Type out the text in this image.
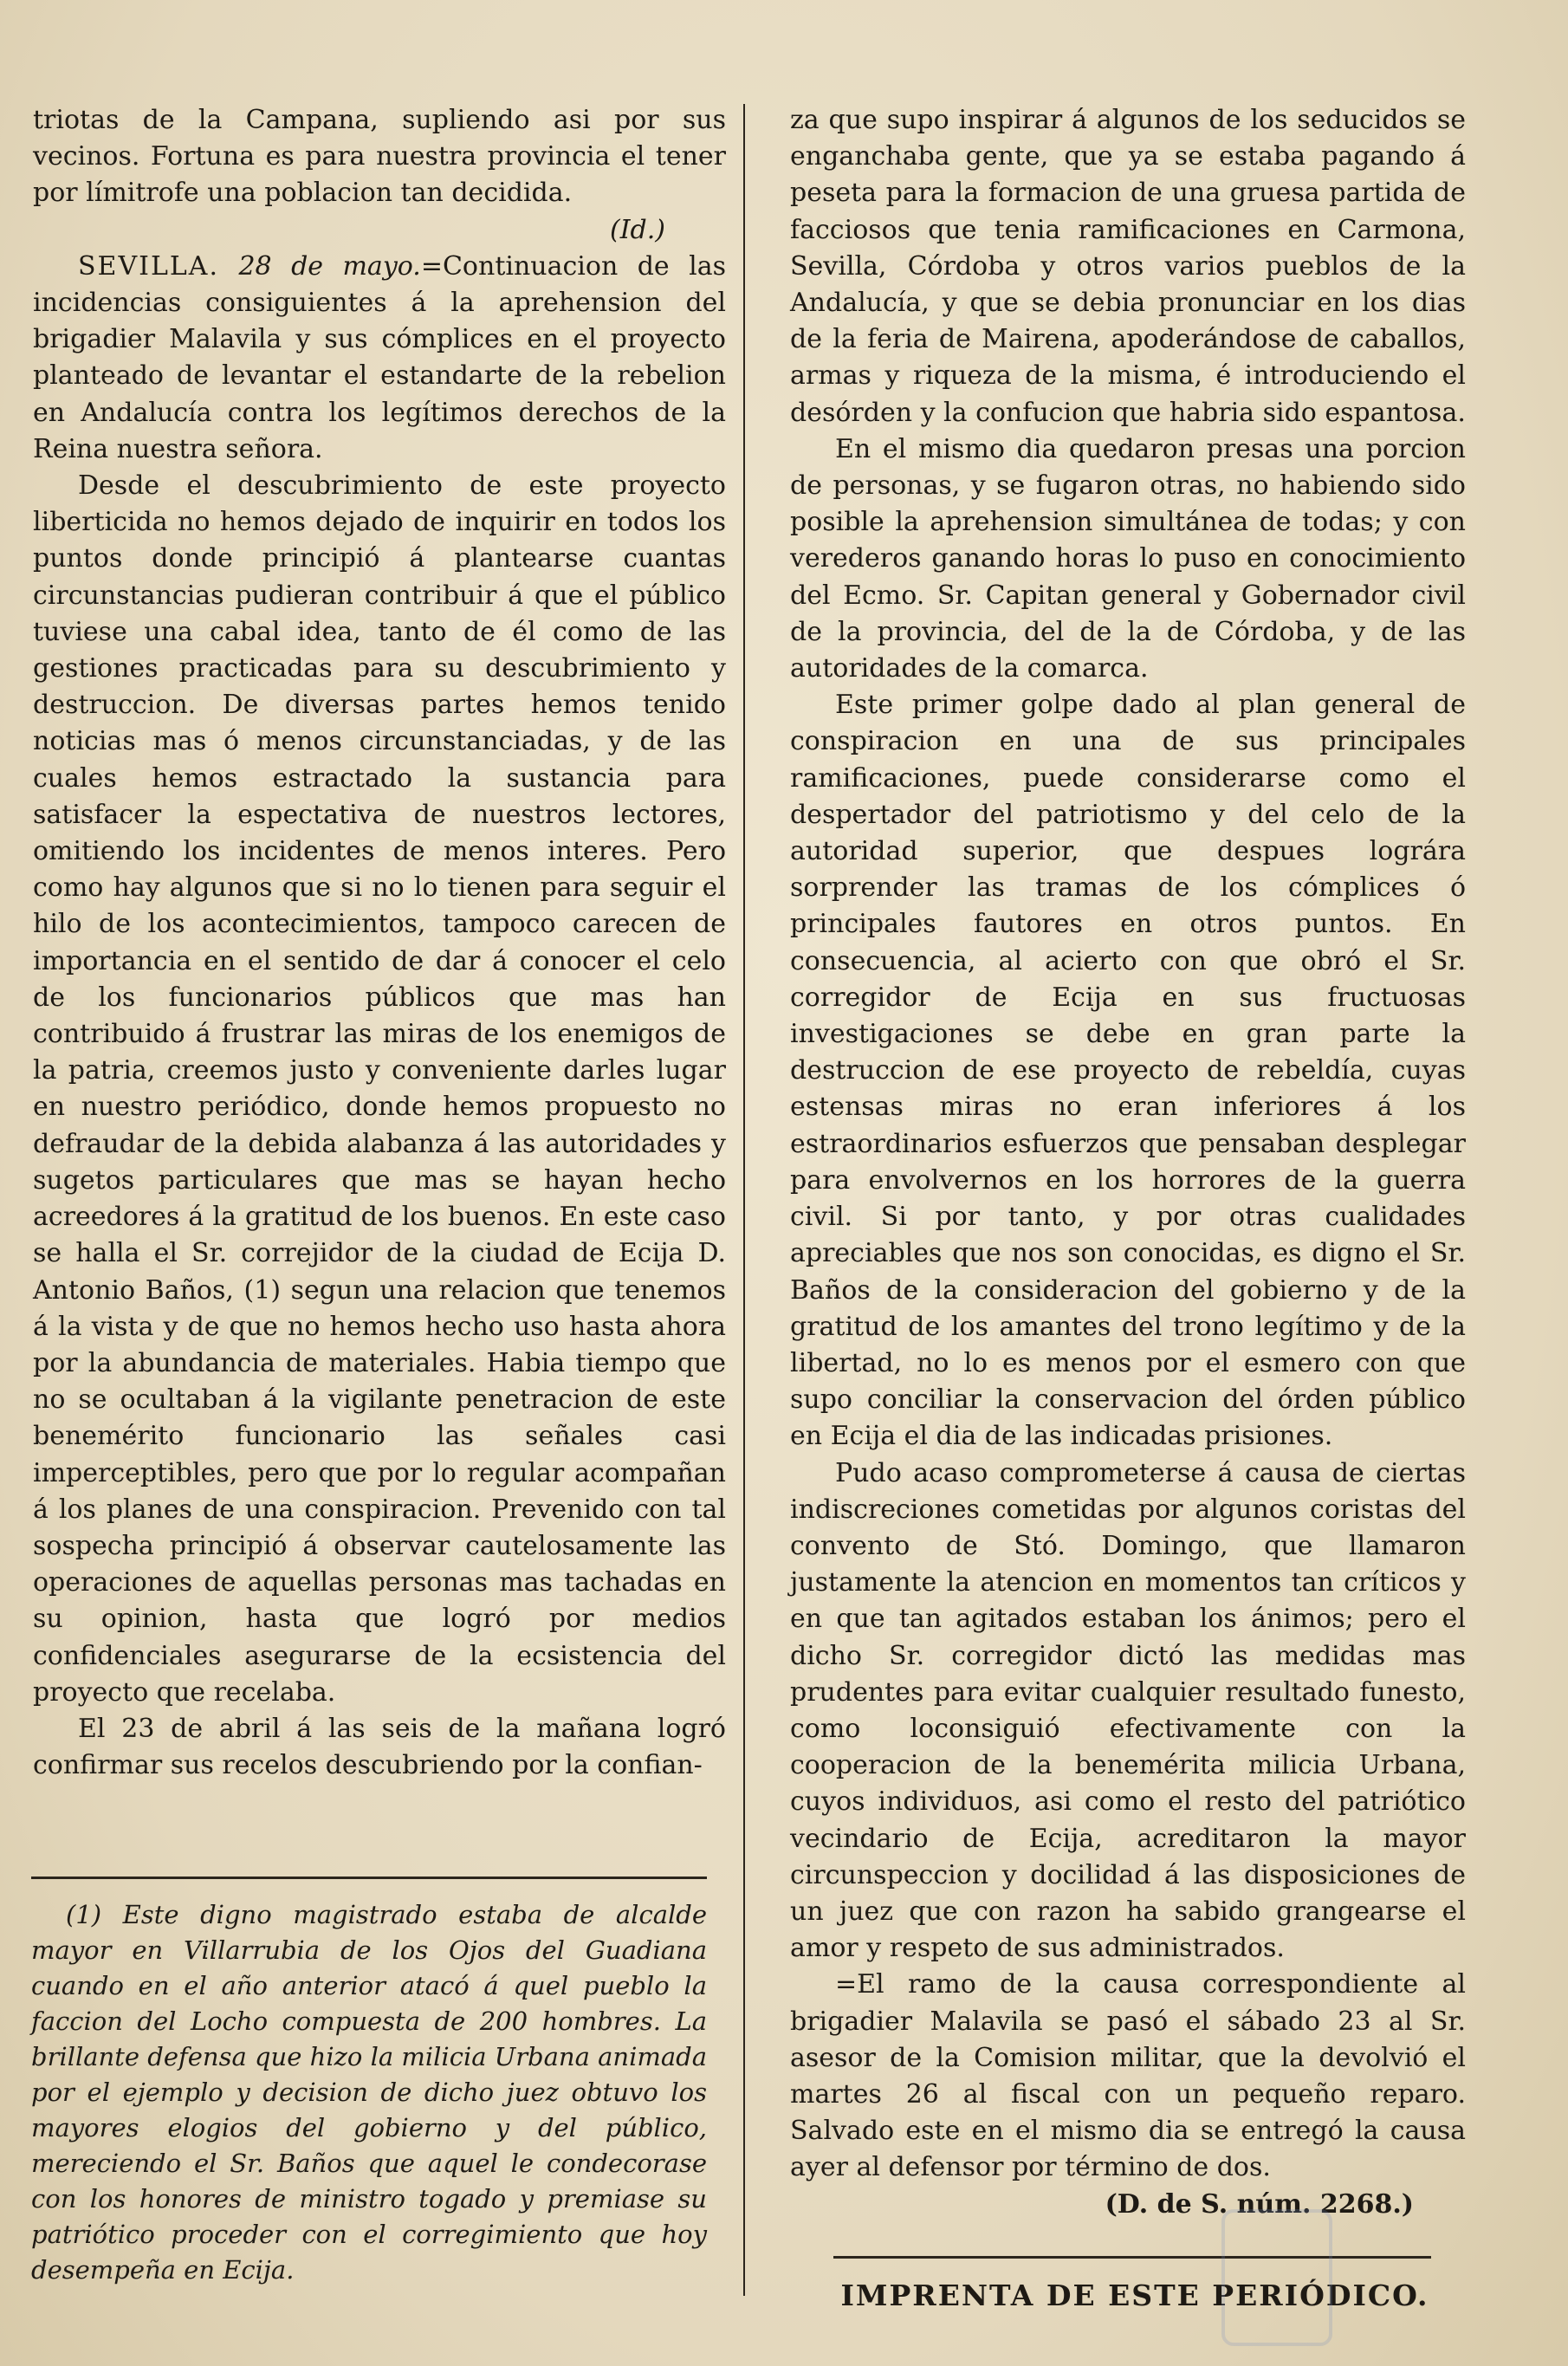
triotas de la Campana, supliendo asi por sus vecinos. Fortuna es para nuestra provincia el tener por límitrofe una poblacion tan decidida.

(Id.)

SEVILLA. 28 de mayo.=Continuacion de las incidencias consiguientes á la aprehension del brigadier Malavila y sus cómplices en el proyecto planteado de levantar el estandarte de la rebelion en Andalucía contra los legítimos derechos de la Reina nuestra señora.

Desde el descubrimiento de este proyecto liberticida no hemos dejado de inquirir en todos los puntos donde principió á plantearse cuantas circunstancias pudieran contribuir á que el público tuviese una cabal idea, tanto de él como de las gestiones practicadas para su descubrimiento y destruccion. De diversas partes hemos tenido noticias mas ó menos circunstanciadas, y de las cuales hemos estractado la sustancia para satisfacer la espectativa de nuestros lectores, omitiendo los incidentes de menos interes. Pero como hay algunos que si no lo tienen para seguir el hilo de los acontecimientos, tampoco carecen de importancia en el sentido de dar á conocer el celo de los funcionarios públicos que mas han contribuido á frustrar las miras de los enemigos de la patria, creemos justo y conveniente darles lugar en nuestro periódico, donde hemos propuesto no defraudar de la debida alabanza á las autoridades y sugetos particulares que mas se hayan hecho acreedores á la gratitud de los buenos. En este caso se halla el Sr. correjidor de la ciudad de Ecija D. Antonio Baños, (1) segun una relacion que tenemos á la vista y de que no hemos hecho uso hasta ahora por la abundancia de materiales. Habia tiempo que no se ocultaban á la vigilante penetracion de este benemérito funcionario las señales casi imperceptibles, pero que por lo regular acompañan á los planes de una conspiracion. Prevenido con tal sospecha principió á observar cautelosamente las operaciones de aquellas personas mas tachadas en su opinion, hasta que logró por medios confidenciales asegurarse de la ecsistencia del proyecto que recelaba.

El 23 de abril á las seis de la mañana logró confirmar sus recelos descubriendo por la confian-

(1) Este digno magistrado estaba de alcalde mayor en Villarrubia de los Ojos del Guadiana cuando en el año anterior atacó á quel pueblo la faccion del Locho compuesta de 200 hombres. La brillante defensa que hizo la milicia Urbana animada por el ejemplo y decision de dicho juez obtuvo los mayores elogios del gobierno y del público, mereciendo el Sr. Baños que aquel le condecorase con los honores de ministro togado y premiase su patriótico proceder con el corregimiento que hoy desempeña en Ecija.

za que supo inspirar á algunos de los seducidos se enganchaba gente, que ya se estaba pagando á peseta para la formacion de una gruesa partida de facciosos que tenia ramificaciones en Carmona, Sevilla, Córdoba y otros varios pueblos de la Andalucía, y que se debia pronunciar en los dias de la feria de Mairena, apoderándose de caballos, armas y riqueza de la misma, é introduciendo el desórden y la confucion que habria sido espantosa.

En el mismo dia quedaron presas una porcion de personas, y se fugaron otras, no habiendo sido posible la aprehension simultánea de todas; y con verederos ganando horas lo puso en conocimiento del Ecmo. Sr. Capitan general y Gobernador civil de la provincia, del de la de Córdoba, y de las autoridades de la comarca.

Este primer golpe dado al plan general de conspiracion en una de sus principales ramificaciones, puede considerarse como el despertador del patriotismo y del celo de la autoridad superior, que despues lográra sorprender las tramas de los cómplices ó principales fautores en otros puntos. En consecuencia, al acierto con que obró el Sr. corregidor de Ecija en sus fructuosas investigaciones se debe en gran parte la destruccion de ese proyecto de rebeldía, cuyas estensas miras no eran inferiores á los estraordinarios esfuerzos que pensaban desplegar para envolvernos en los horrores de la guerra civil. Si por tanto, y por otras cualidades apreciables que nos son conocidas, es digno el Sr. Baños de la consideracion del gobierno y de la gratitud de los amantes del trono legítimo y de la libertad, no lo es menos por el esmero con que supo conciliar la conservacion del órden público en Ecija el dia de las indicadas prisiones.

Pudo acaso comprometerse á causa de ciertas indiscreciones cometidas por algunos coristas del convento de Stó. Domingo, que llamaron justamente la atencion en momentos tan críticos y en que tan agitados estaban los ánimos; pero el dicho Sr. corregidor dictó las medidas mas prudentes para evitar cualquier resultado funesto, como loconsiguió efectivamente con la cooperacion de la benemérita milicia Urbana, cuyos individuos, asi como el resto del patriótico vecindario de Ecija, acreditaron la mayor circunspeccion y docilidad á las disposiciones de un juez que con razon ha sabido grangearse el amor y respeto de sus administrados.

=El ramo de la causa correspondiente al brigadier Malavila se pasó el sábado 23 al Sr. asesor de la Comision militar, que la devolvió el martes 26 al fiscal con un pequeño reparo. Salvado este en el mismo dia se entregó la causa ayer al defensor por término de dos.

(D. de S. núm. 2268.)

IMPRENTA DE ESTE PERIÓDICO.
